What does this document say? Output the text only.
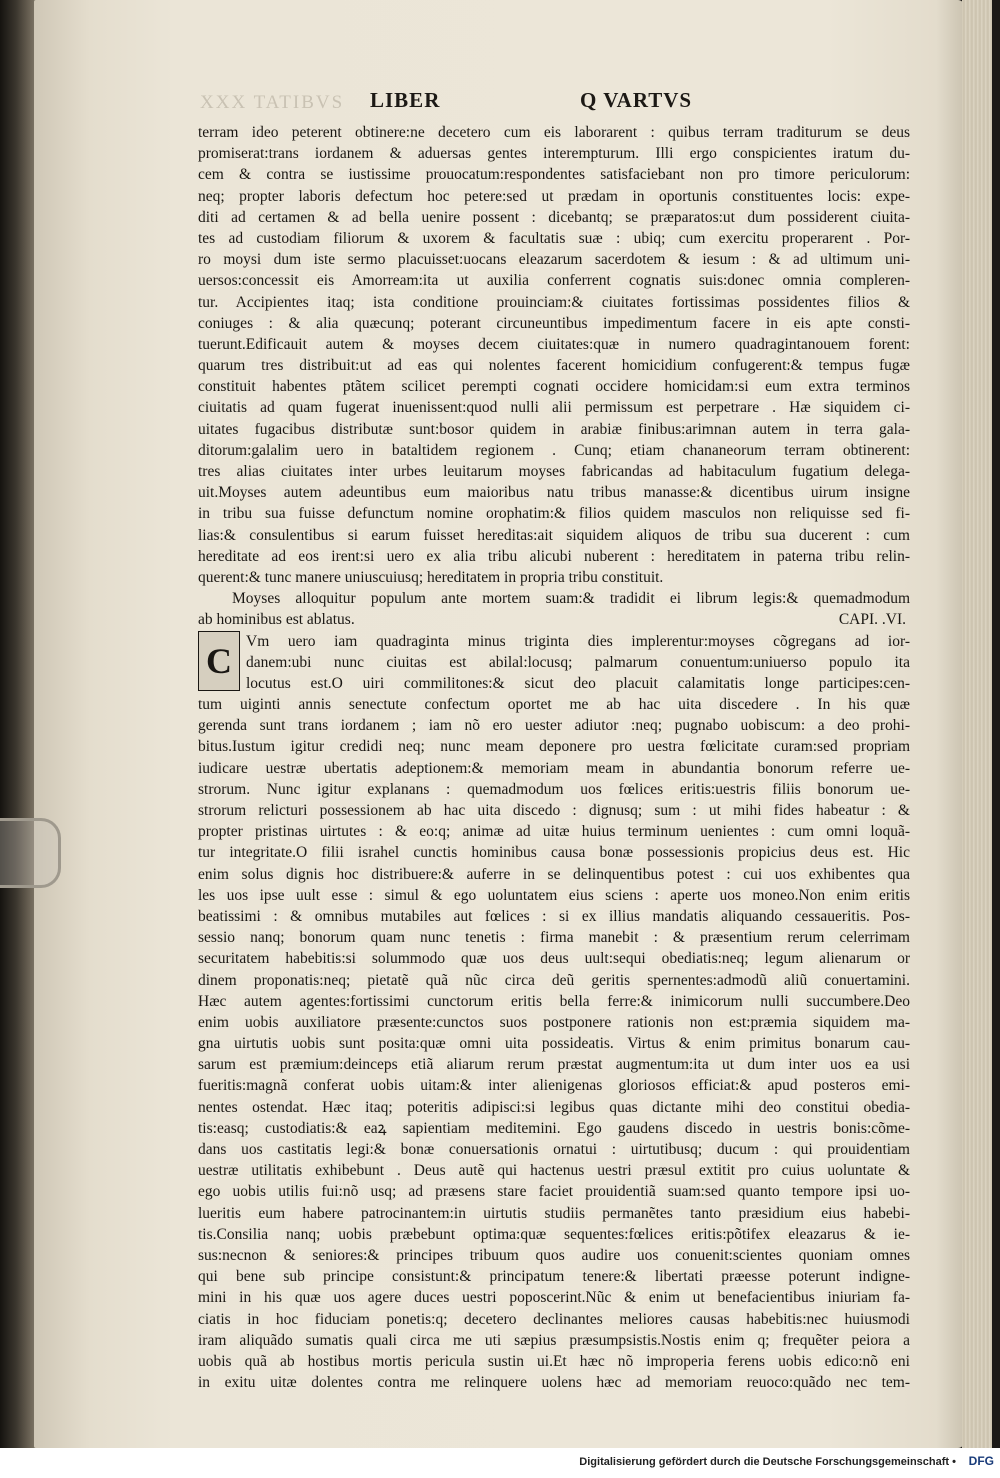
XXX TATIBVS LIBER	Q VARTVS
terram ideo peterent obtinere:ne decetero cum eis laborarent : quibus terram traditurum se deus
promiserat:trans iordanem & aduersas gentes interempturum. Illi ergo conspicientes iratum du-
cem & contra se iustissime prouocatum:respondentes satisfaciebant non pro timore periculorum:
neq; propter laboris defectum hoc petere:sed ut prædam in oportunis constituentes locis: expe-
diti ad certamen & ad bella uenire possent : dicebantq; se præparatos:ut dum possiderent ciuita-
tes ad custodiam filiorum & uxorem & facultatis suæ : ubiq; cum exercitu properarent . Por-
ro moysi dum iste sermo placuisset:uocans eleazarum sacerdotem & iesum : & ad ultimum uni-
uersos:concessit eis Amorream:ita ut auxilia conferrent cognatis suis:donec omnia compleren-
tur. Accipientes itaq; ista conditione prouinciam:& ciuitates fortissimas possidentes filios &
coniuges : & alia quæcunq; poterant circuneuntibus impedimentum facere in eis apte consti-
tuerunt.Edificauit autem & moyses decem ciuitates:quæ in numero quadragintanouem forent:
quarum tres distribuit:ut ad eas qui nolentes facerent homicidium confugerent:& tempus fugæ
constituit habentes ptãtem scilicet perempti cognati occidere homicidam:si eum extra terminos
ciuitatis ad quam fugerat inuenissent:quod nulli alii permissum est perpetrare . Hæ siquidem ci-
uitates fugacibus distributæ sunt:bosor quidem in arabiæ finibus:arimnan autem in terra gala-
ditorum:galalim uero in bataltidem regionem . Cunq; etiam chananeorum terram obtinerent:
tres alias ciuitates inter urbes leuitarum moyses fabricandas ad habitaculum fugatium delega-
uit.Moyses autem adeuntibus eum maioribus natu tribus manasse:& dicentibus uirum insigne
in tribu sua fuisse defunctum nomine orophatim:& filios quidem masculos non reliquisse sed fi-
lias:& consulentibus si earum fuisset hereditas:ait siquidem aliquos de tribu sua ducerent : cum
hereditate ad eos irent:si uero ex alia tribu alicubi nuberent : hereditatem in paterna tribu relin-
querent:& tunc manere uniuscuiusq; hereditatem in propria tribu constituit.
Moyses alloquitur populum ante mortem suam:& tradidit ei librum legis:& quemadmodum
ab hominibus est ablatus.	CAPI. .VI.
C Vm uero iam quadraginta minus triginta dies implerentur:moyses cõgregans ad ior-
danem:ubi nunc ciuitas est abilal:locusq; palmarum conuentum:uniuerso populo ita
locutus est.O uiri commilitones:& sicut deo placuit calamitatis longe participes:cen-
tum uiginti annis senectute confectum oportet me ab hac uita discedere . In his quæ
gerenda sunt trans iordanem ; iam nõ ero uester adiutor :neq; pugnabo uobiscum: a deo prohi-
bitus.Iustum igitur credidi neq; nunc meam deponere pro uestra fœlicitate curam:sed propriam
iudicare uestræ ubertatis adeptionem:& memoriam meam in abundantia bonorum referre ue-
strorum. Nunc igitur explanans : quemadmodum uos fœlices eritis:uestris filiis bonorum ue-
strorum relicturi possessionem ab hac uita discedo : dignusq; sum : ut mihi fides habeatur : &
propter pristinas uirtutes : & eo:q; animæ ad uitæ huius terminum uenientes : cum omni loquã-
tur integritate.O filii israhel cunctis hominibus causa bonæ possessionis propicius deus est. Hic
enim solus dignis hoc distribuere:& auferre in se delinquentibus potest : cui uos exhibentes qua
les uos ipse uult esse : simul & ego uoluntatem eius sciens : aperte uos moneo.Non enim eritis
beatissimi : & omnibus mutabiles aut fœlices : si ex illius mandatis aliquando cessaueritis. Pos-
sessio nanq; bonorum quam nunc tenetis : firma manebit : & præsentium rerum celerrimam
securitatem habebitis:si solummodo quæ uos deus uult:sequi obediatis:neq; legum alienarum or
dinem proponatis:neq; pietatẽ quã nũc circa deũ geritis spernentes:admodũ aliũ conuertamini.
Hæc autem agentes:fortissimi cunctorum eritis bella ferre:& inimicorum nulli succumbere.Deo
enim uobis auxiliatore præsente:cunctos suos postponere rationis non est:præmia siquidem ma-
gna uirtutis uobis sunt posita:quæ omni uita possideatis. Virtus & enim primitus bonarum cau-
sarum est præmium:deinceps etiã aliarum rerum præstat augmentum:ita ut dum inter uos ea usi
fueritis:magnã conferat uobis uitam:& inter alienigenas gloriosos efficiat:& apud posteros emi-
nentes ostendat. Hæc itaq; poteritis adipisci:si legibus quas dictante mihi deo constitui obedia-
tis:easq; custodiatis:& eaꝝ sapientiam meditemini. Ego gaudens discedo in uestris bonis:cõme-
dans uos castitatis legi:& bonæ conuersationis ornatui : uirtutibusq; ducum : qui prouidentiam
uestræ utilitatis exhibebunt . Deus autẽ qui hactenus uestri præsul extitit pro cuius uoluntate &
ego uobis utilis fui:nõ usq; ad præsens stare faciet prouidentiã suam:sed quanto tempore ipsi uo-
lueritis eum habere patrocinantem:in uirtutis studiis permanẽtes tanto præsidium eius habebi-
tis.Consilia nanq; uobis præbebunt optima:quæ sequentes:fœlices eritis:põtifex eleazarus & ie-
sus:necnon & seniores:& principes tribuum quos audire uos conuenit:scientes quoniam omnes
qui bene sub principe consistunt:& principatum tenere:& libertati præesse poterunt indigne-
mini in his quæ uos agere duces uestri poposcerint.Nũc & enim ut benefacientibus iniuriam fa-
ciatis in hoc fiduciam ponetis:q; decetero declinantes meliores causas habebitis:nec huiusmodi
iram aliquãdo sumatis quali circa me uti sæpius præsumpsistis.Nostis enim q; frequẽter peiora a
uobis quã ab hostibus mortis pericula sustin ui.Et hæc nõ improperia ferens uobis edico:nõ eni
in exitu uitæ dolentes contra me relinquere uolens hæc ad memoriam reuoco:quãdo nec tem-
Digitalisierung gefördert durch die Deutsche Forschungsgemeinschaft • DFG
